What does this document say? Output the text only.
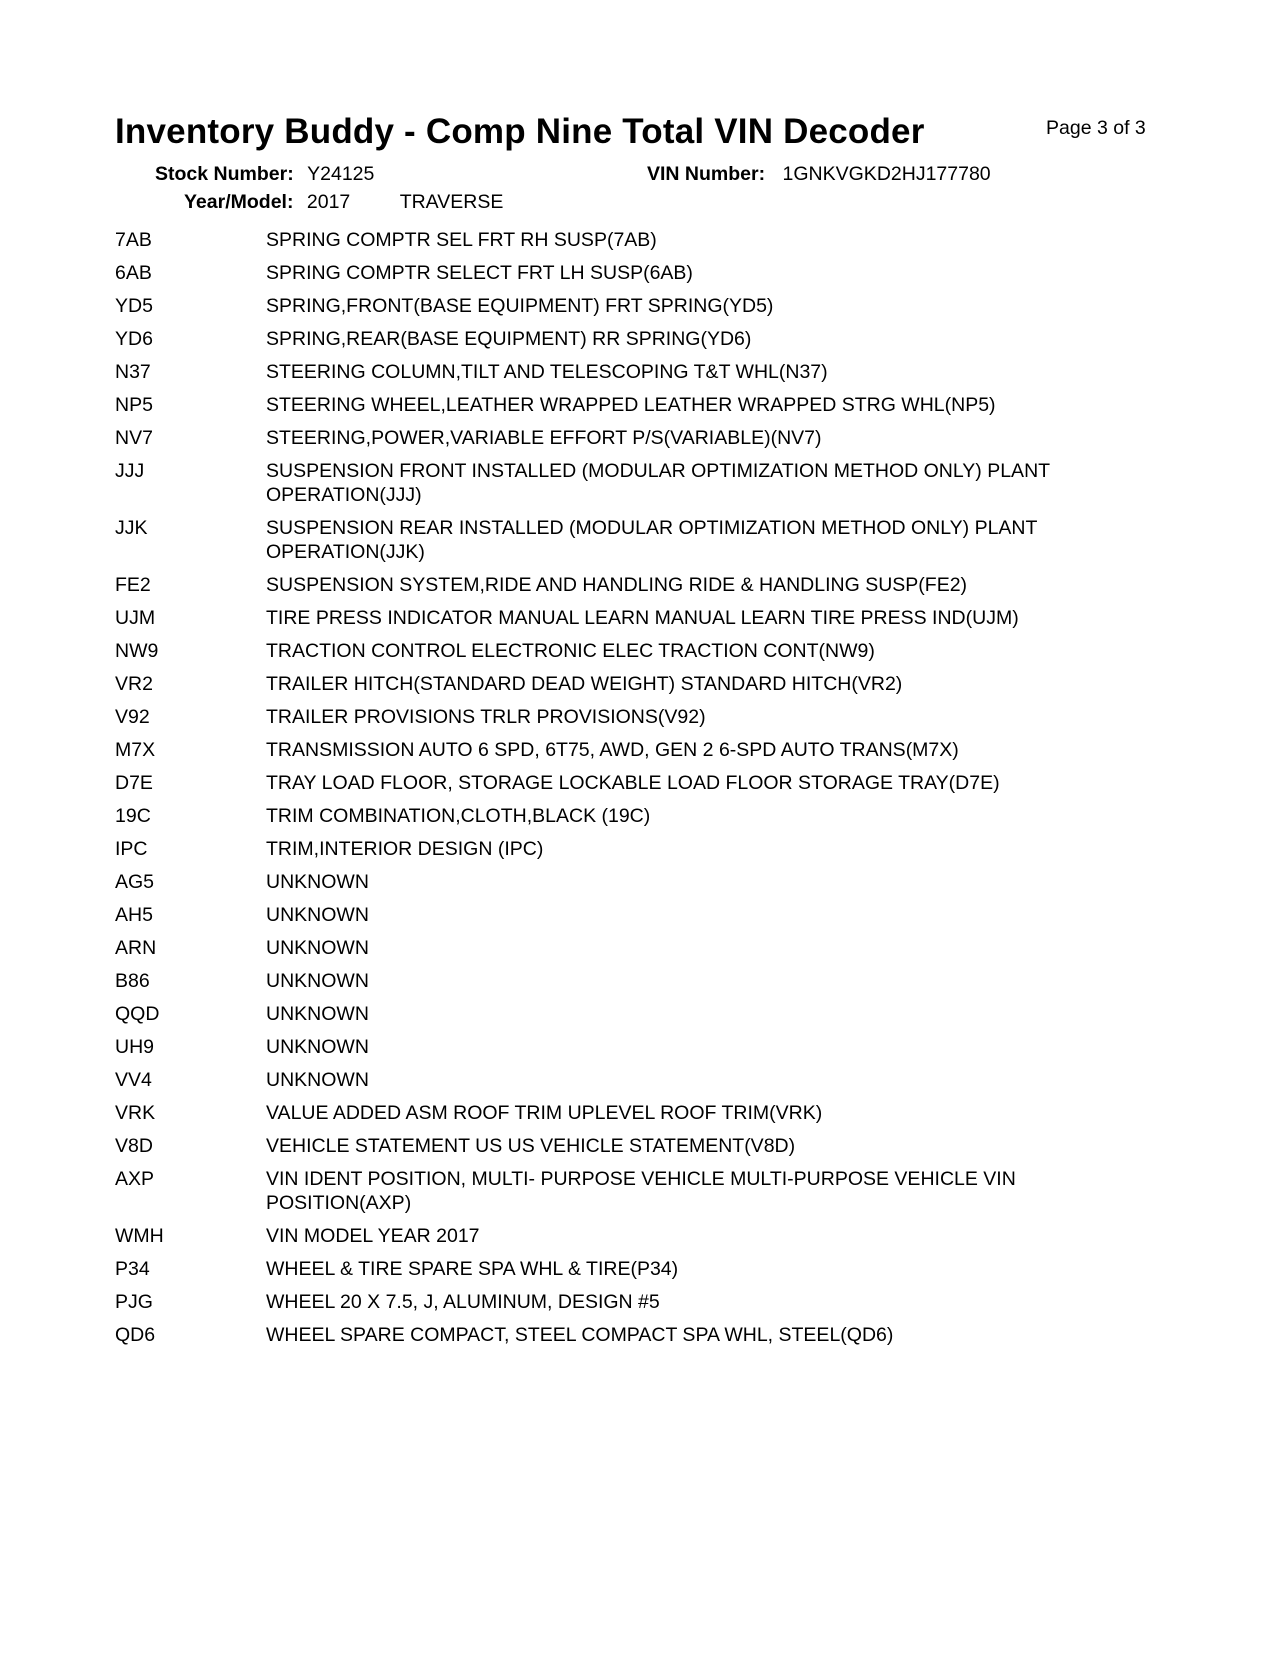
Inventory Buddy - Comp Nine Total VIN Decoder	Page 3 of 3
Stock Number: Y24125	VIN Number: 1GNKVGKD2HJ177780
Year/Model: 2017	TRAVERSE
7AB	SPRING COMPTR SEL FRT RH SUSP(7AB)
6AB	SPRING COMPTR SELECT FRT LH SUSP(6AB)
YD5	SPRING,FRONT(BASE EQUIPMENT) FRT SPRING(YD5)
YD6	SPRING,REAR(BASE EQUIPMENT) RR SPRING(YD6)
N37	STEERING COLUMN,TILT AND TELESCOPING T&T WHL(N37)
NP5	STEERING WHEEL,LEATHER WRAPPED LEATHER WRAPPED STRG WHL(NP5)
NV7	STEERING,POWER,VARIABLE EFFORT P/S(VARIABLE)(NV7)
JJJ	SUSPENSION FRONT INSTALLED (MODULAR OPTIMIZATION METHOD ONLY) PLANT OPERATION(JJJ)
JJK	SUSPENSION REAR INSTALLED (MODULAR OPTIMIZATION METHOD ONLY) PLANT OPERATION(JJK)
FE2	SUSPENSION SYSTEM,RIDE AND HANDLING RIDE & HANDLING SUSP(FE2)
UJM	TIRE PRESS INDICATOR MANUAL LEARN MANUAL LEARN TIRE PRESS IND(UJM)
NW9	TRACTION CONTROL ELECTRONIC ELEC TRACTION CONT(NW9)
VR2	TRAILER HITCH(STANDARD DEAD WEIGHT) STANDARD HITCH(VR2)
V92	TRAILER PROVISIONS TRLR PROVISIONS(V92)
M7X	TRANSMISSION AUTO 6 SPD, 6T75, AWD, GEN 2 6-SPD AUTO TRANS(M7X)
D7E	TRAY LOAD FLOOR, STORAGE LOCKABLE LOAD FLOOR STORAGE TRAY(D7E)
19C	TRIM COMBINATION,CLOTH,BLACK (19C)
IPC	TRIM,INTERIOR DESIGN (IPC)
AG5	UNKNOWN
AH5	UNKNOWN
ARN	UNKNOWN
B86	UNKNOWN
QQD	UNKNOWN
UH9	UNKNOWN
VV4	UNKNOWN
VRK	VALUE ADDED ASM ROOF TRIM UPLEVEL ROOF TRIM(VRK)
V8D	VEHICLE STATEMENT US US VEHICLE STATEMENT(V8D)
AXP	VIN IDENT POSITION, MULTI- PURPOSE VEHICLE MULTI-PURPOSE VEHICLE VIN POSITION(AXP)
WMH	VIN MODEL YEAR 2017
P34	WHEEL & TIRE SPARE SPA WHL & TIRE(P34)
PJG	WHEEL 20 X 7.5, J, ALUMINUM, DESIGN #5
QD6	WHEEL SPARE COMPACT, STEEL COMPACT SPA WHL, STEEL(QD6)
